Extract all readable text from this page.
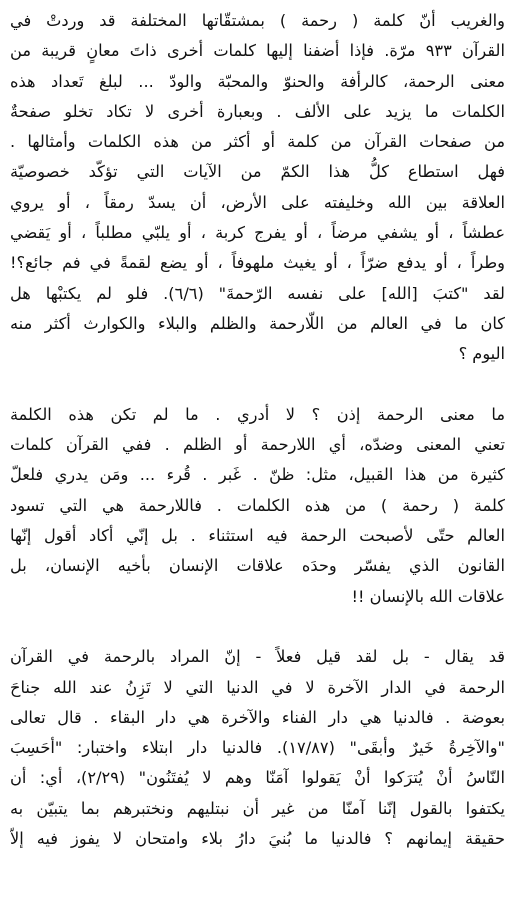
والغريب أنّ كلمة ( رحمة ) بمشتقّاتها المختلفة قد وردتْ في
القرآن ٩٣٣ مرّة. فإذا أضفنا إليها كلمات أخرى ذاتَ معانٍ قريبة من
معنى الرحمة، كالرأفة والحنوّ والمحبّة والودّ ... لبلغ تَعداد هذه
الكلمات ما يزيد على الألف . وبعبارة أخرى لا تكاد تخلو صفحةٌ
من صفحات القرآن من كلمة أو أكثر من هذه الكلمات وأمثالها .
فهل استطاع كلُّ هذا الكمّ من الآيات التي تؤكّد خصوصيّة
العلاقة بين الله وخليفته على الأرض، أن يسدّ رمقاً ، أو يروي
عطشاً ، أو يشفي مرضاً ، أو يفرج كربة ، أو يلبّي مطلباً ، أو يَقضي
وطراً ، أو يدفع ضرّاً ، أو يغيث ملهوفاً ، أو يضع لقمةً في فم جائع؟!
لقد "كتبَ [الله] على نفسه الرّحمةَ" (٦/٦). فلو لم يكتبْها هل
كان ما في العالم من اللّارحمة والظلم والبلاء والكوارث أكثر منه
اليوم ؟
ما معنى الرحمة إذن ؟ لا أدري . ما لم تكن هذه الكلمة
تعني المعنى وضدّه، أي اللارحمة أو الظلم . ففي القرآن كلمات
كثيرة من هذا القبيل، مثل: ظنّ . غَبر . قُرء ... ومَن يدري فلعلّ
كلمة ( رحمة ) من هذه الكلمات . فاللارحمة هي التي تسود
العالم حتّى لأصبحت الرحمة فيه استثناء . بل إنّي أكاد أقول إنّها
القانون الذي يفسّر وحدَه علاقات الإنسان بأخيه الإنسان، بل
علاقات الله بالإنسان !!
قد يقال - بل لقد قيل فعلاً - إنّ المراد بالرحمة في القرآن
الرحمة في الدار الآخرة لا في الدنيا التي لا تَزِنُ عند الله جناحَ
بعوضة . فالدنيا هي دار الفناء والآخرة هي دار البقاء . قال تعالى
"والآخِرةُ خَيرٌ وأبقَى" (١٧/٨٧). فالدنيا دار ابتلاء واختبار: "أحَسِبَ
النّاسُ أنْ يُترَكوا أنْ يَقولوا آمَنّا وهم لا يُفتَنُون" (٢/٢٩)، أي: أن
يكتفوا بالقول إنّنا آمنّا من غير أن نبتليهم ونختبرهم بما يتبيّن به
حقيقة إيمانهم ؟ فالدنيا ما بُنيَ دارُ بلاء وامتحان لا يفوز فيه إلاّ
